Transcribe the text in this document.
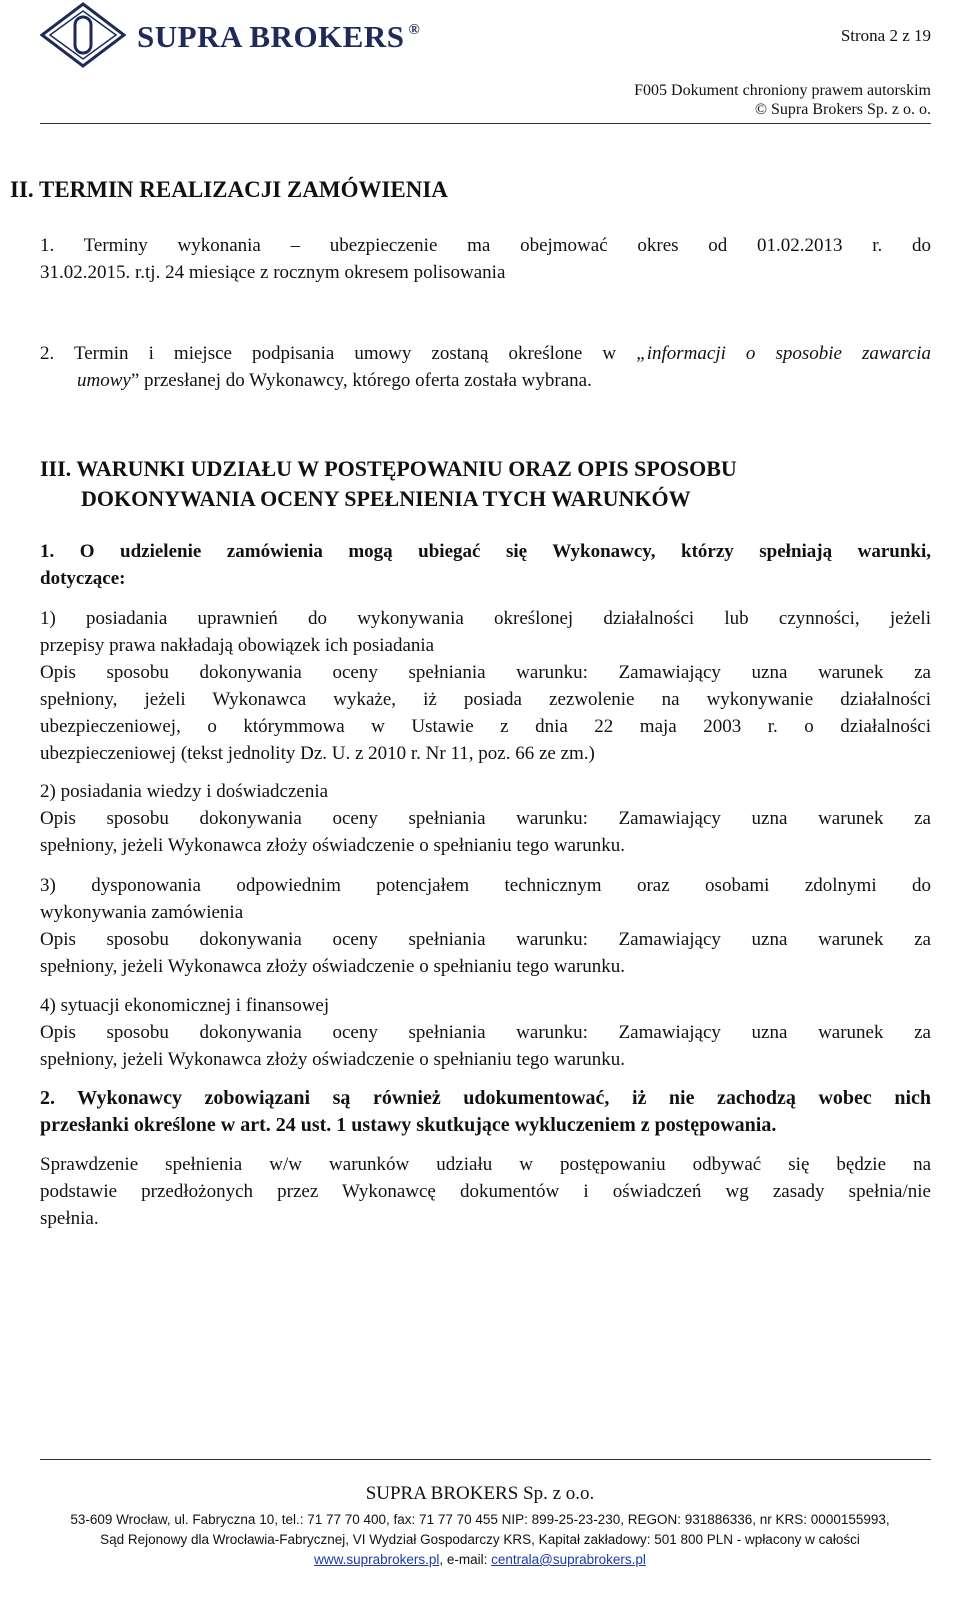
SUPRA BROKERS ®	Strona 2 z 19
F005 Dokument chroniony prawem autorskim
© Supra Brokers Sp. z o. o.
II. TERMIN REALIZACJI ZAMÓWIENIA
1. Terminy wykonania – ubezpieczenie ma obejmować okres od 01.02.2013 r. do
31.02.2015. r.tj. 24 miesiące z rocznym okresem polisowania
2. Termin i miejsce podpisania umowy zostaną określone w „informacji o sposobie zawarcia
umowy” przesłanej do Wykonawcy, którego oferta została wybrana.
III. WARUNKI UDZIAŁU W POSTĘPOWANIU ORAZ OPIS SPOSOBU
DOKONYWANIA OCENY SPEŁNIENIA TYCH WARUNKÓW
1. O udzielenie zamówienia mogą ubiegać się Wykonawcy, którzy spełniają warunki,
dotyczące:
1) posiadania uprawnień do wykonywania określonej działalności lub czynności, jeżeli
przepisy prawa nakładają obowiązek ich posiadania
Opis sposobu dokonywania oceny spełniania warunku: Zamawiający uzna warunek za
spełniony, jeżeli Wykonawca wykaże, iż posiada zezwolenie na wykonywanie działalności
ubezpieczeniowej, o którymmowa w Ustawie z dnia 22 maja 2003 r. o działalności
ubezpieczeniowej (tekst jednolity Dz. U. z 2010 r. Nr 11, poz. 66 ze zm.)
2) posiadania wiedzy i doświadczenia
Opis sposobu dokonywania oceny spełniania warunku: Zamawiający uzna warunek za
spełniony, jeżeli Wykonawca złoży oświadczenie o spełnianiu tego warunku.
3) dysponowania odpowiednim potencjałem technicznym oraz osobami zdolnymi do
wykonywania zamówienia
Opis sposobu dokonywania oceny spełniania warunku: Zamawiający uzna warunek za
spełniony, jeżeli Wykonawca złoży oświadczenie o spełnianiu tego warunku.
4) sytuacji ekonomicznej i finansowej
Opis sposobu dokonywania oceny spełniania warunku: Zamawiający uzna warunek za
spełniony, jeżeli Wykonawca złoży oświadczenie o spełnianiu tego warunku.
2. Wykonawcy zobowiązani są również udokumentować, iż nie zachodzą wobec nich
przesłanki określone w art. 24 ust. 1 ustawy skutkujące wykluczeniem z postępowania.
Sprawdzenie spełnienia w/w warunków udziału w postępowaniu odbywać się będzie na
podstawie przedłożonych przez Wykonawcę dokumentów i oświadczeń wg zasady spełnia/nie
spełnia.
SUPRA BROKERS Sp. z o.o.
53-609 Wrocław, ul. Fabryczna 10, tel.: 71 77 70 400, fax: 71 77 70 455 NIP: 899-25-23-230, REGON: 931886336, nr KRS: 0000155993,
Sąd Rejonowy dla Wrocławia-Fabrycznej, VI Wydział Gospodarczy KRS, Kapitał zakładowy: 501 800 PLN - wpłacony w całości
www.suprabrokers.pl, e-mail: centrala@suprabrokers.pl
